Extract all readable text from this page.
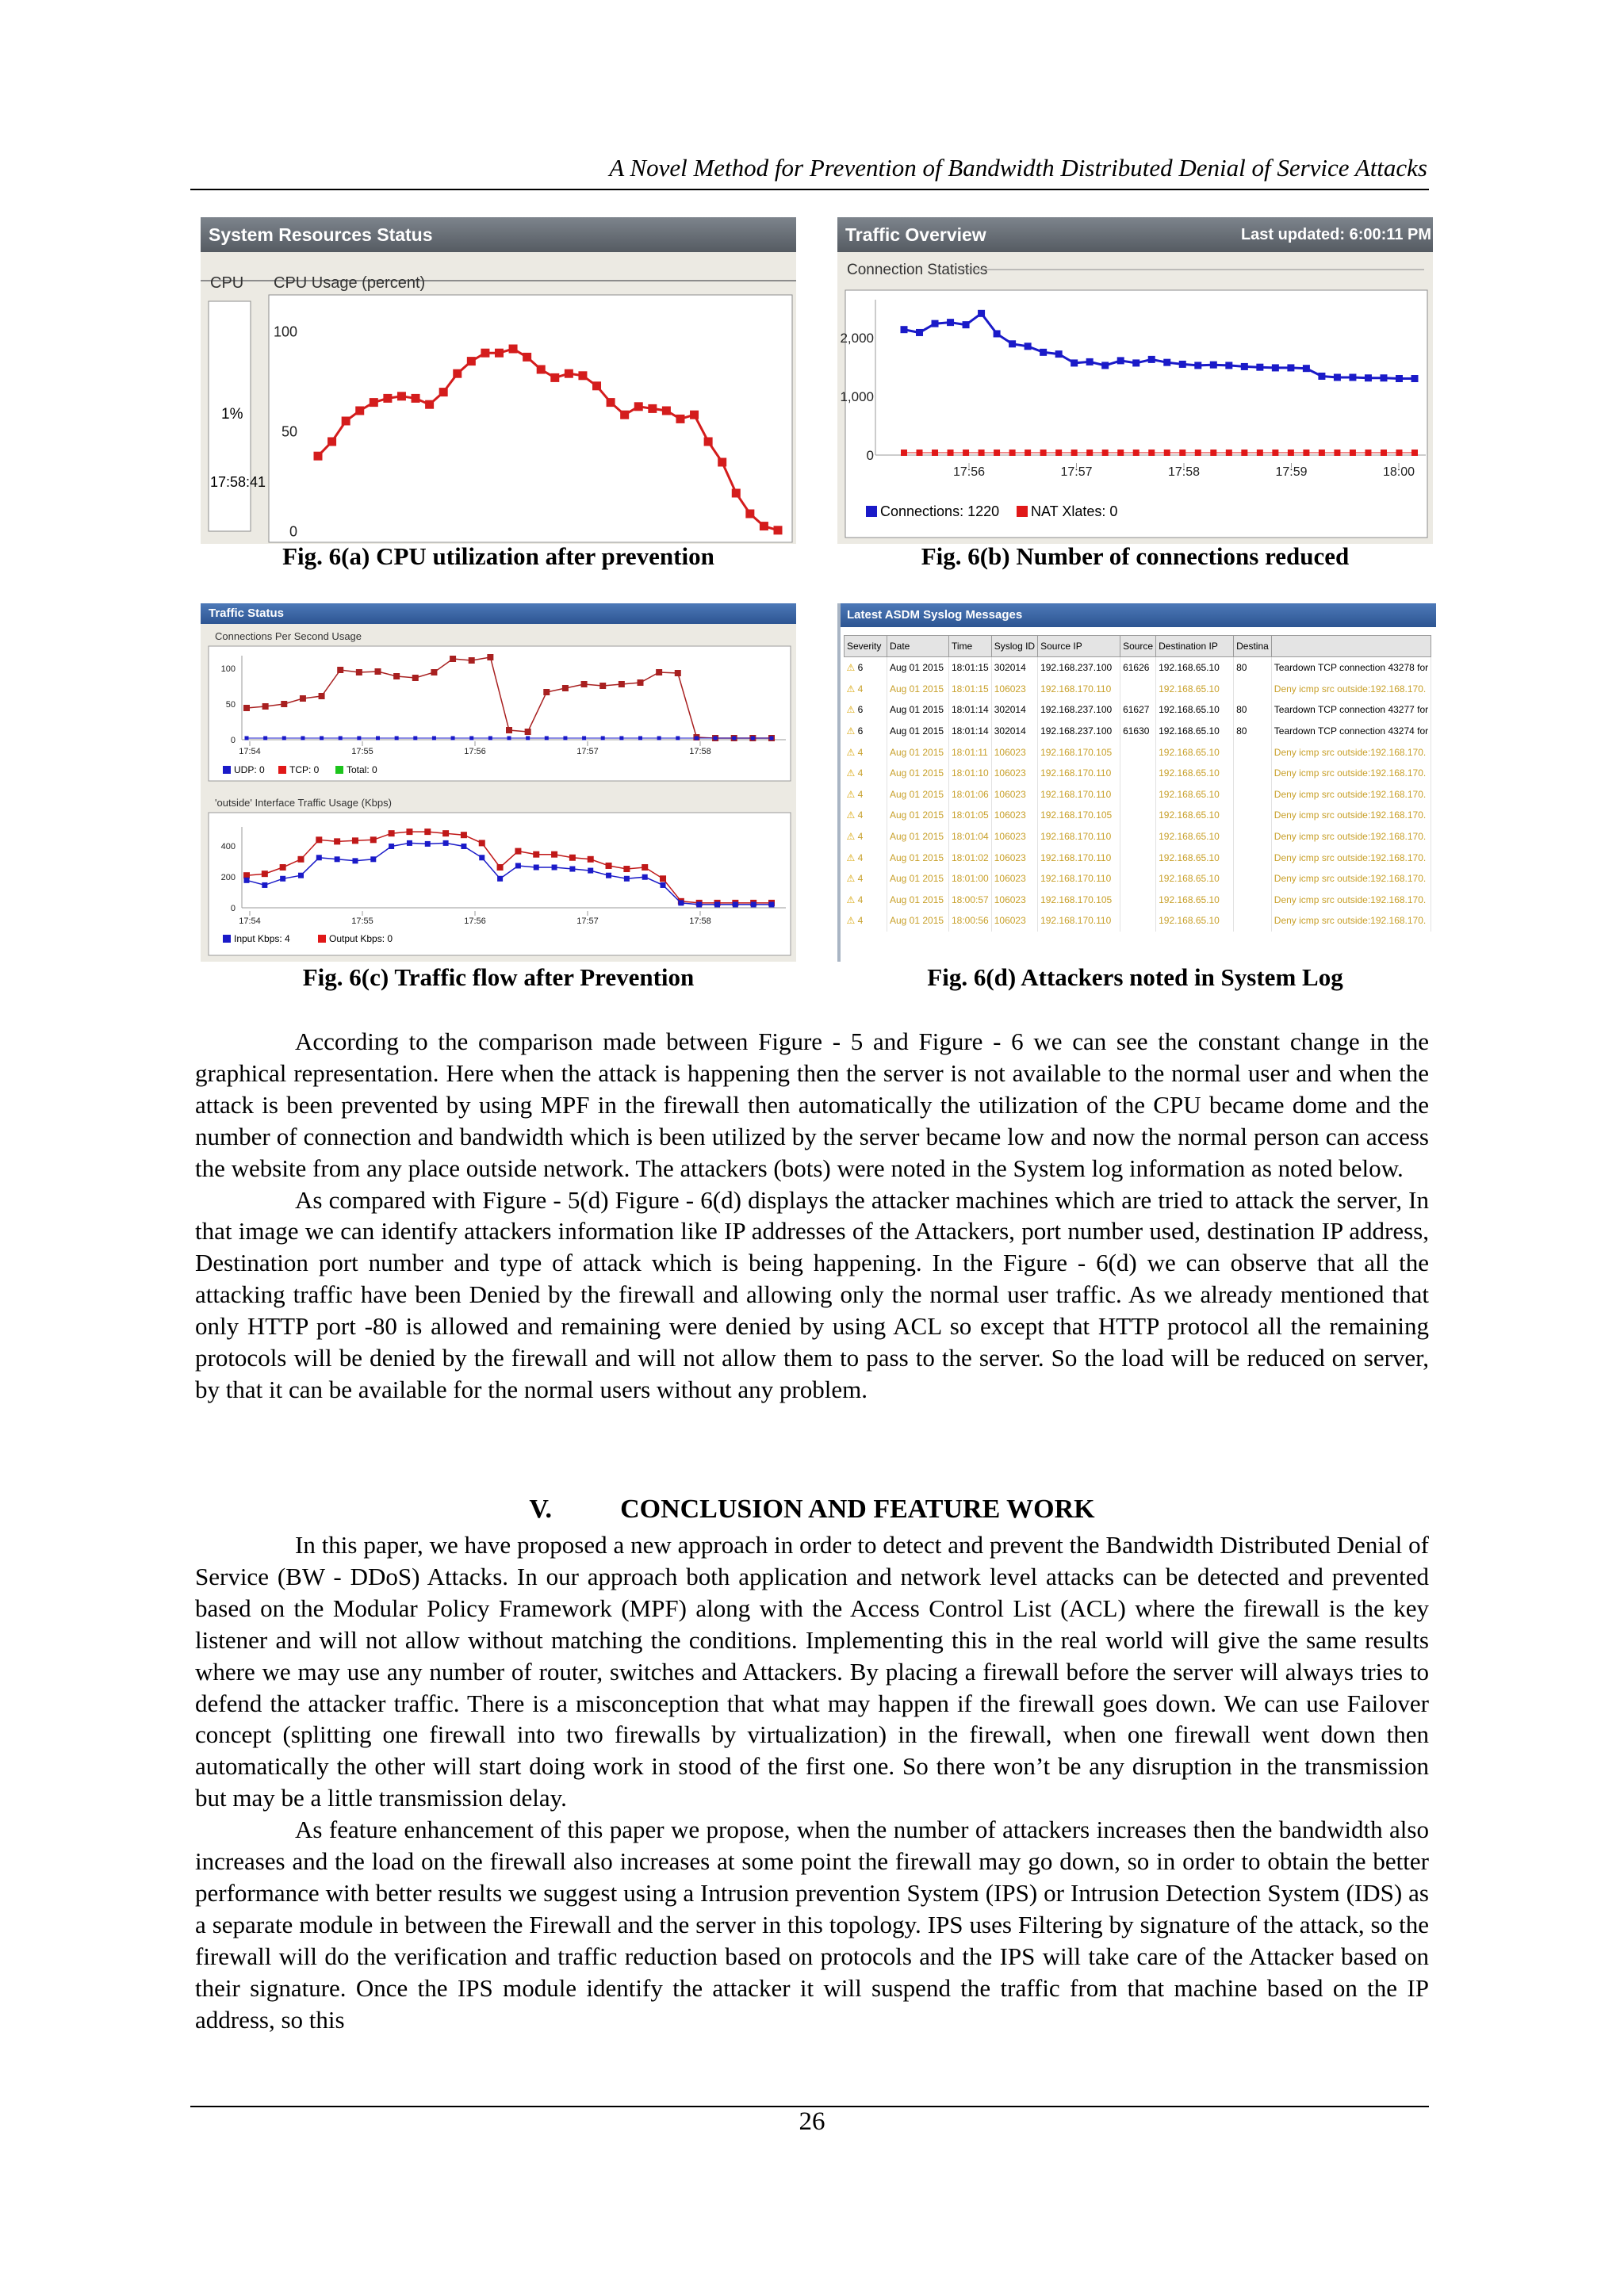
A Novel Method for Prevention of Bandwidth Distributed Denial of Service Attacks
System Resources Status
CPU CPU Usage (percent)
1%
17:58:41
100
50
0
Fig. 6(a) CPU utilization after prevention
Traffic Overview	Last updated: 6:00:11 PM
Connection Statistics
2,000
1,000
0
17:56	17:57	17:58	17:59	18:00
Connections: 1220 NAT Xlates: 0
Fig. 6(b) Number of connections reduced
Traffic Status
Connections Per Second Usage
100
50
0
17:54	17:55	17:56	17:57	17:58
UDP: 0	TCP: 0	Total: 0
'outside' Interface Traffic Usage (Kbps)
400
200
0
17:54	17:55	17:56	17:57	17:58
Input Kbps: 4	Output Kbps: 0
Fig. 6(c) Traffic flow after Prevention
Latest ASDM Syslog Messages
Severity	Date	Time	Syslog ID	Source IP	Source	Destination IP	Destina	
⚠ 6	Aug 01 2015	18:01:15	302014	192.168.237.100	61626	192.168.65.10	80	Teardown TCP connection 43278 for
⚠ 4	Aug 01 2015	18:01:15	106023	192.168.170.110		192.168.65.10		Deny icmp src outside:192.168.170.
⚠ 6	Aug 01 2015	18:01:14	302014	192.168.237.100	61627	192.168.65.10	80	Teardown TCP connection 43277 for
⚠ 6	Aug 01 2015	18:01:14	302014	192.168.237.100	61630	192.168.65.10	80	Teardown TCP connection 43274 for
⚠ 4	Aug 01 2015	18:01:11	106023	192.168.170.105		192.168.65.10		Deny icmp src outside:192.168.170.
⚠ 4	Aug 01 2015	18:01:10	106023	192.168.170.110		192.168.65.10		Deny icmp src outside:192.168.170.
⚠ 4	Aug 01 2015	18:01:06	106023	192.168.170.110		192.168.65.10		Deny icmp src outside:192.168.170.
⚠ 4	Aug 01 2015	18:01:05	106023	192.168.170.105		192.168.65.10		Deny icmp src outside:192.168.170.
⚠ 4	Aug 01 2015	18:01:04	106023	192.168.170.110		192.168.65.10		Deny icmp src outside:192.168.170.
⚠ 4	Aug 01 2015	18:01:02	106023	192.168.170.110		192.168.65.10		Deny icmp src outside:192.168.170.
⚠ 4	Aug 01 2015	18:01:00	106023	192.168.170.110		192.168.65.10		Deny icmp src outside:192.168.170.
⚠ 4	Aug 01 2015	18:00:57	106023	192.168.170.105		192.168.65.10		Deny icmp src outside:192.168.170.
⚠ 4	Aug 01 2015	18:00:56	106023	192.168.170.110		192.168.65.10		Deny icmp src outside:192.168.170.
Fig. 6(d) Attackers noted in System Log

According to the comparison made between Figure - 5 and Figure - 6 we can see the constant change in the graphical representation. Here when the attack is happening then the server is not available to the normal user and when the attack is been prevented by using MPF in the firewall then automatically the utilization of the CPU became dome and the number of connection and bandwidth which is been utilized by the server became low and now the normal person can access the website from any place outside network. The attackers (bots) were noted in the System log information as noted below.

As compared with Figure - 5(d) Figure - 6(d) displays the attacker machines which are tried to attack the server, In that image we can identify attackers information like IP addresses of the Attackers, port number used, destination IP address, Destination port number and type of attack which is being happening. In the Figure - 6(d) we can observe that all the attacking traffic have been Denied by the firewall and allowing only the normal user traffic. As we already mentioned that only HTTP port -80 is allowed and remaining were denied by using ACL so except that HTTP protocol all the remaining protocols will be denied by the firewall and will not allow them to pass to the server. So the load will be reduced on server, by that it can be available for the normal users without any problem.

V.	CONCLUSION AND FEATURE WORK

In this paper, we have proposed a new approach in order to detect and prevent the Bandwidth Distributed Denial of Service (BW - DDoS) Attacks. In our approach both application and network level attacks can be detected and prevented based on the Modular Policy Framework (MPF) along with the Access Control List (ACL) where the firewall is the key listener and will not allow without matching the conditions. Implementing this in the real world will give the same results where we may use any number of router, switches and Attackers. By placing a firewall before the server will always tries to defend the attacker traffic. There is a misconception that what may happen if the firewall goes down. We can use Failover concept (splitting one firewall into two firewalls by virtualization) in the firewall, when one firewall went down then automatically the other will start doing work in stood of the first one. So there won’t be any disruption in the transmission but may be a little transmission delay.

As feature enhancement of this paper we propose, when the number of attackers increases then the bandwidth also increases and the load on the firewall also increases at some point the firewall may go down, so in order to obtain the better performance with better results we suggest using a Intrusion prevention System (IPS) or Intrusion Detection System (IDS) as a separate module in between the Firewall and the server in this topology. IPS uses Filtering by signature of the attack, so the firewall will do the verification and traffic reduction based on protocols and the IPS will take care of the Attacker based on their signature. Once the IPS module identify the attacker it will suspend the traffic from that machine based on the IP address, so this

26
